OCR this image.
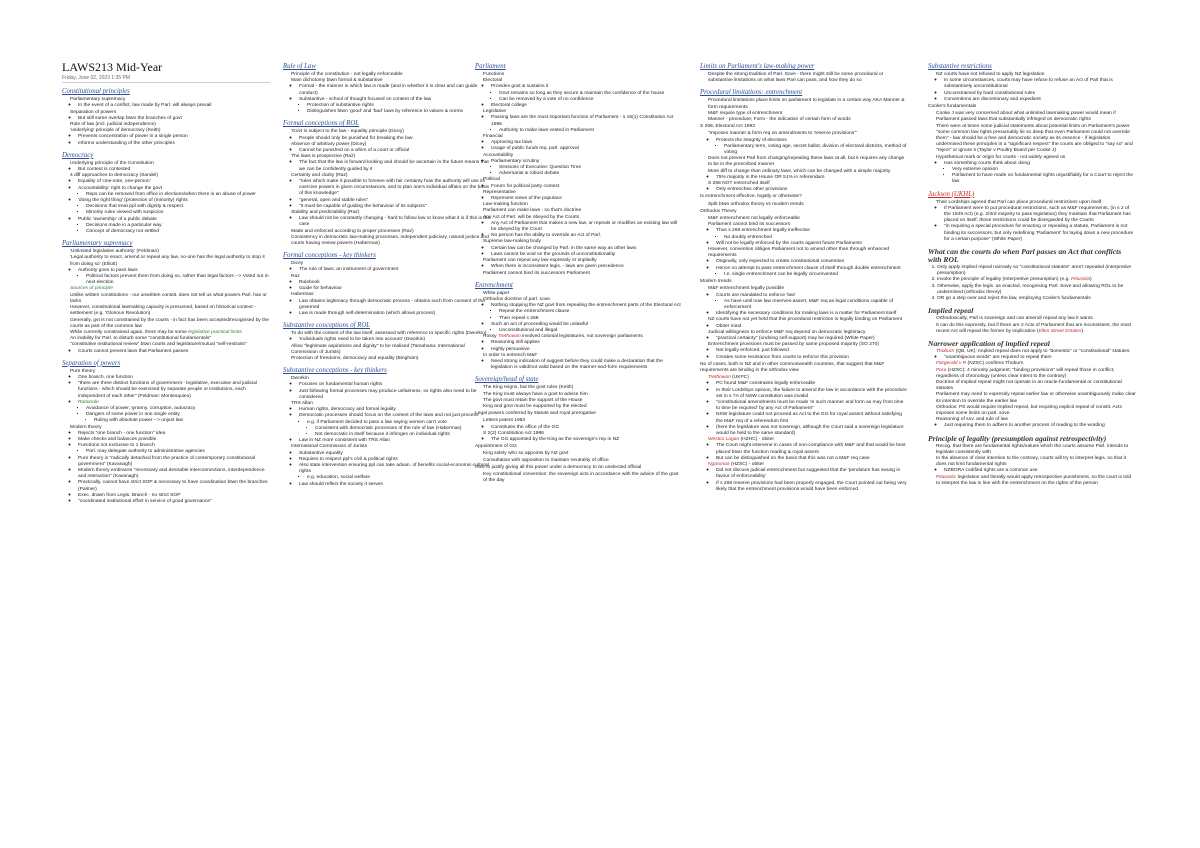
LAWS213 Mid-Year
Friday, June 02, 2023 1:35 PM
Constitutional principles
• Parliamentary supremacy
◦ In the event of a conflict, law made by Parl. will always prevail
• Separation of powers
◦ But still some overlap btwn the branches of govt
• Rule of law (incl. judicial independence)
• 'underlying' principle of democracy (Keith)
◦ Prevents concentration of power in a single person
◦ Informs understanding of the other principles
Democracy
• Underlying principle of the Constitution
◦ But content is contested
• 4 diff approaches to democracy (Sandel)
◦ Equality of 'one-vote, one-person'
◦ Accountability: right to change the govt
▪ Reps can be removed from office in elections/when there is an abuse of power
◦ 'doing the right thing' (protection of (minority) rights
▪ Decisions that treat ppl with dignity & respect
▪ Minority rules viewed with suspicion
◦ Public 'ownership' of a public debate
▪ Decisions made in a particular way
▪ Concept of democracy not settled
Parliamentary supremacy
• 'Unlimited legislative authority' (Feldman)
• 'Legal authority to enact, amend or repeal any law, no-one has the legal authority to stop it from doing so' (Elliott)
◦ Authority goes to pass laws
▪ Political factors prevent them from doing so, rather than legal factors --> Voted out in next election
• Sources of principle
• Unlike written constitutions - our unwritten constit. does not tell us what powers Parl. has or lacks
• However, constitutional lawmaking capacity is presumed, based on historical context - settlement (e.g. 'Glorious Revolution)
• Generally, gvt is not constrained by the courts - in fact has been accepted/recognised by the courts as part of the common law
• While currently constrained again, there may be some legislative practical limits
• An inability for Parl. to disturb some "constitutional fundamentals"
• "constitutive institutional review" btwn courts and legislature/mutual "self-restraint"
◦ Courts cannot prevent laws that Parliament passes
Separation of powers
• Pure theory
◦ One branch, one function
◦ "there are three distinct functions of government - legislative, executive and judicial functions - which should be exercised by separate people or institutions, each independent of each other" (Feldman: Montesquieu)
◦ Rationale
▪ Avoidance of power, tyranny, corruption, autocracy
▪ Dangers of some power in one single entity
• Ruling with absolute power --> unjust law
• Modern theory
◦ Rejects "one branch - one function" idea
◦ Make checks and balances possible
◦ Functions not exclusive to 1 branch
▪ Parl. may delegate authority to administrative agencies
◦ Pure theory is "radically detached from the practice of contemporary constitutional government" (Kavanagh)
◦ Modern theory embraces "necessary and desirable interconnections, interdependence and interaction" (Kavanagh)
◦ Practically, cannot have strict SOP & necessary to have coordination btwn the branches (Palmer)
◦ Exec. drawn from Legis. Branch - no strict SOP
◦ "coordinated institutional effort in service of good governance"
Rule of Law
• Principle of the constitution - not legally enforceable
• Main dichotomy btwn formal & substantive
◦ Formal - the manner in which law is made (and in whether it is clear and can guide conduct)
◦ Substantive - school of thought focused on content of the law
▪ Protection of substantive rights
▪ Distinguishes btwn 'good' and 'bad' laws by reference to values & norms
Formal conceptions of ROL
• 'Govt is subject to the law - equality principle (Dicey)
◦ People should only be punished for breaking the law
• Absence of arbitrary power (Dicey)
◦ Cannot be punished on a whim of a court or official
• The laws is prospective (Raz)
◦ The fact that the law is forward-looking and should be ascertain in the future means that we can be confidently guided by it
• Certainty and clarity (Raz)
◦ "rules which make it possible to foresee with fair certainty how the authority will use its coercive powers in given circumstances, and to plan one's individual affairs on the basis of this knowledge"
◦ "general, open and stable rules"
◦ "it must be capable of guiding the behaviour of its subjects"
• Stability and predictability (Raz)
◦ Law should not be constantly changing - hard to follow law or know what it is if this is the case
• Made and enforced according to proper processes (Raz)
• Consistency in democratic law-making processes, independent judiciary, natural justice and courts having review powers (Habermas)
Formal conceptions - key thinkers
• Dicey
◦ The rule of laws; an instrument of government
• Raz
◦ Rulebook
◦ Guide for behaviour
• Habermas
◦ Law obtains legitimacy through democratic process - obtains such from consent of the governed
◦ Law is made through self-determination (which allows process)
Substantive conceptions of ROL
• To do with the content of the law itself, assessed with reference to specific rights (Dworkin)
◦ 'Individuals rights need to be taken into account' (Dworkin)
• Allow "legitimate aspirations and dignity" to be realised (Tamahana: International Commission of Jurists)
• Protection of freedoms, democracy and equality (Bingham)
Substantive conceptions - key thinkers
• Dworkin
◦ Focuses on fundamental human rights
◦ Just following formal processes may produce unfairness, so rights also need to be considered
• TRS Allan
◦ Human rights, democracy and formal legality
◦ Democratic processes should focus on the content of the laws and not just process
▪ e.g. if Parliament decided to pass a law saying women can't vote
• Consistent with democratic processes of the rule of law (Habermas)
• Not democratic in itself because it infringes on individual rights
◦ Law in NZ more consistent with TRS Allan
• International Commission of Jurists
◦ Substantive equality
◦ Requires to respect ppl's civil & political rights
◦ Also state intervention ensuring ppl can take advan. of benefits social-economic-cultural rights
▪ e.g. education, social welfare
◦ Law should reflect the society it serves
Parliament
• Functions
• Electoral
◦ Provides govt & sustains it
▪ Govt remains so long as they secure & maintain the confidence of the house
▪ Can be removed by a vote of no confidence
◦ Electoral college
• Legislative
◦ Passing laws are the most important function of Parliament - s 15(1) Constitution Act 1986
▪ Authority to make laws vested in Parliament
• Financial
◦ Approving tax laws
◦ Usage of public funds req. parl. approval
• Accountability
◦ Parliamentary scrutiny
▪ Sessions of Executive: Question Time
▪ Adversarial & robust debate
• Political
◦ Forum for political party contest
• Representative
◦ Represent views of the populace
• Law-making function
• Parliament can make laws - so that's doctrine
• Any Act of Parl. will be obeyed by the Courts
◦ Any Act of Parliament that makes a new law, or repeals or modifies an existing law will be obeyed by the Court
◦ No person has the ability to override an Act of Parl.
• Supreme law-making body
◦ Certain law can be changed by Parl. in the same way as other laws
◦ Laws cannot be void on the grounds of unconstitutionality
• Parliament can repeal any law expressly or impliedly
◦ When there is inconsistent legis. - laws are given precedence
• Parliament cannot bind its successors Parliament
Entrenchment
• White paper
• Orthodox doctrine of parl. sove.
◦ Nothing stopping the NZ govt from repealing the entrenchment parts of the Electoral Act
▪ Repeal the entrenchment clause
▪ Then repeal s 268
◦ Such an act of proceeding would be unlawful
▪ Unconstitutional and illegal
• Rossy Trethowan involved colonial legislatures, not sovereign parliaments
◦ Reasoning still applies
◦ Highly persuasive
• In order to entrench M&F
◦ Need strong indication of suggest before they could make a declaration that the legislation is valid/not valid based on the manner-and-form requirements
Sovereign/head of state
• The King reigns, but the govt rules (Keith)
• The King must always have a govt to advise him
• The govt must retain the support of the House
• King and govt must be supported by the elected

Legal powers conferred by statute and royal prerogative

• Letters patent 1983
◦ Constitutes the office of the GG
• S 2(2) Constitution Act 1986
◦ The GG appointed by the King as the sovereign's rep in NZ

Appointment of GG

• King solely who so appoints by NZ govt
• Consultation with opposition to maintain neutrality of office

How to justify giving all this power under a democracy to an unelected official

• Key constitutional convention: the sovereign acts in accordance with the advice of the govt of the day
Limits on Parliament's law-making power
• Despite the strong tradition of Parl. Sove - there might still be some procedural or substantive limitations on what laws Parl can pass, and how they do so
Procedural limitations: entrenchment
• Procedural limitations place limits on parliament to legislate in a certain way AKA Manner & form requirements
• M&F require type of entrenchment
• Manner - procedure; Form - the indication of certain form of words

S 268, Electoral Act 1993

• "Imposes manner & form req on amendments to 'reserve provisions'"
◦ Protects the integrity of elections
▪ Parliamentary term, voting age, secret ballot, division of electoral districts, method of voting
• Does not prevent Parl from changing/repealing these laws at all, but it requires any change to be in the prescribed manner
• More diff to change than ordinary laws, which can be changed with a simple majority
◦ 75% majority in the House OR 51% in referendum
• S 268 NOT entrenched itself
◦ Only entrenches other provisions

Is entrenchment effective, legally or otherwise?

• Split btwn orthodox theory vs modern trends

Orthodox Theory

• M&F entrenchment not legally enforceable
• Parliament cannot bind its successors
◦ Thus s 268 entrenchment legally ineffective
▪ No doubly entrenched
◦ Will not be legally enforced by the courts against future Parliaments
• However, convention obliges Parliament not to amend other than through enhanced requirements
◦ Originally, only expected to create constitutional convention
◦ Hence no attempt to pass entrenchment clause of itself through double entrenchment
▪ I.e. single entrenchment can be legally circumvented

Modern trends

• M&F entrenchment legally possible
◦ Courts are mandated to enforce 'law'
▪ As have until now law reserves-assert, M&F req as legal conditions capable of enforcement
◦ Identifying the necessary conditions for making laws is a matter for Parliament itself
• NZ courts have not yet held that this procedural restriction is legally binding on Parliament
◦ Obiter mind
• Judicial willingness to enforce M&F req depend on democratic legitimacy
◦ "practical certainty" (undoing self-support) may be required (White Paper)
• Entrenchment provisions must be passed by same proposed majority (SO 270)
◦ Not legally enforced, just followed
◦ Creates some resistance from courts to enforce this provision

No of cases, both in NZ and in other commonwealth countries, that suggest that M&F requirements are binding in the orthodox view

• Trethowan (UKPC)
◦ PC found M&F constraints legally enforceable
◦ In their Lordships opinion, the failure to amend the law in accordance with the procedure set in s 7A of NSW constitution was invalid
◦ "constitutional amendments must be made 'in such manner and form as may from time to time be required' by any Act of Parliament"
◦ NSW legislature could not proceed as Act to the GG for royal assent without satisfying the M&F req of a referendum first
◦ (here the legislature was not sovereign, although the Court said a sovereign legislature would be held to the same standard)
• Westco Lagan (HZHC) - obiter
◦ The Court might intervene in cases of non-compliance with M&F and that would be best placed btwn the function reading & royal assent
◦ But can be distinguished on the basis that this was not a M&F req case
• Ngaronoa (HZSC) - obiter
◦ Did not discuss judicial entrenchment but suggested that the 'pendulum has swung in favour of enforceability'
◦ If s 268 reserve provisions had been properly engaged, the Court pointed out being very likely that the entrenchment provisions would have been enforced
Substantive restrictions
• NZ courts have not refused to apply NZ legislation
◦ In some circumstances, courts may have refuse to refuse an Act of Parl that is substantively unconstitutional
◦ Unconstrained by hard constitutional rules
◦ Conventions are discretionary and expedient

Cooke's fundamentals

• Cooke J was very concerned about what unlimited lawmaking power would mean if Parliament passed laws that substantially infringed on democratic rights
• There were at times some judicial statements about potential limits on Parliament's power
• "some common law rights presumably lie so deep that even Parliament could not override them" - law should be a free and democratic society as its essence - if legislation undermined these principles in a "significant respect" the courts are obliged to "say so" and "reject" or ignore it (Taylor v Poultry Board per Cooke J)
• Hypothetical mark or origin for courts - not widely agreed on
◦ Has something courts think about doing
▪ Very extreme opinion
▪ Parliament to have made on fundamental rights unjustifiably for a Court to reject the law
Jackson (UKHL)
• Their Lordships agreed that Parl can place procedural restrictions upon itself
◦ If Parliament were to put procedural restrictions, such as M&F requirements, (in s 2 of the 1949 Act) (e.g. 2/3rd majority to pass legislation) they maintain that Parliament has placed on itself, those restrictions could be disregarded by the Courts
◦ "in requiring a special procedure for enacting or repealing a statute, Parliament is not binding its successors, but only redefining 'Parliament' for laying down a new procedure for a certain purpose" (White Paper)
What can the courts do when Parl passes an Act that conflicts with ROL
1. Only apply implied repeal narrowly so "constitutional statutes" aren't repealed (interpretive presumption)
2. Invoke the principle of legality (Interpretive presumption) (e.g. Pitarasla)
3. Otherwise, apply the legis. as enacted, recognising Parl. Sove and allowing ROL to be undermined (orthodox theory)
4. OR go a step over and reject the law, employing Cooke's fundamentals
Implied repeal
• Orthodoxically, Parl is sovereign and can amend/ repeal any law it wants
• It can do this expressly, but if there are 2 Acts of Parliament that are inconsistent, the most recent Act will repeal the former by implication (Ellen Street Estates)
Narrower application of implied repeal
• Thoburn (QB, UK): Implied repeal does not apply to "domestic" or "constitutional" statutes
◦ "unambiguous words" are required to repeal them
• Fitzgerald v R (NZSC) confirms Thoburn
• Pora (HZSC): 4 minority judgment: "binding provisions" will repeal those in conflict, regardless of chronology (unless clear intent to the contrary)
• Doctrine of implied repeal might not operate in an oracle-fundamental or constitutional statutes
• Parliament may need to expressly repeal earlier law or otherwise unambiguously make clear its intention to override the earlier law
• Orthodox: PS would require implied repeal, but requiring explicit repeal of constit. Acts imposes some limits on parl. sove.
• Reasoning of sov. and rule of law
◦ Just requiring them to adhere to another process of reading to the wording
Principle of legality (presumption against retrospectivity)
• Recog. that there are fundamental rights/values which the courts assume Parl. intends to legislate consistently with
• In the absence of clear intention to the contrary, courts will try to interpret legis. so that it does not limit fundamental rights
◦ NZBORA codified rights are a common use
• Pitarasla: legislation and literally would apply retrospective punishment, so the court is told to interpret the law in line with the entrenchment on the rights of the person
